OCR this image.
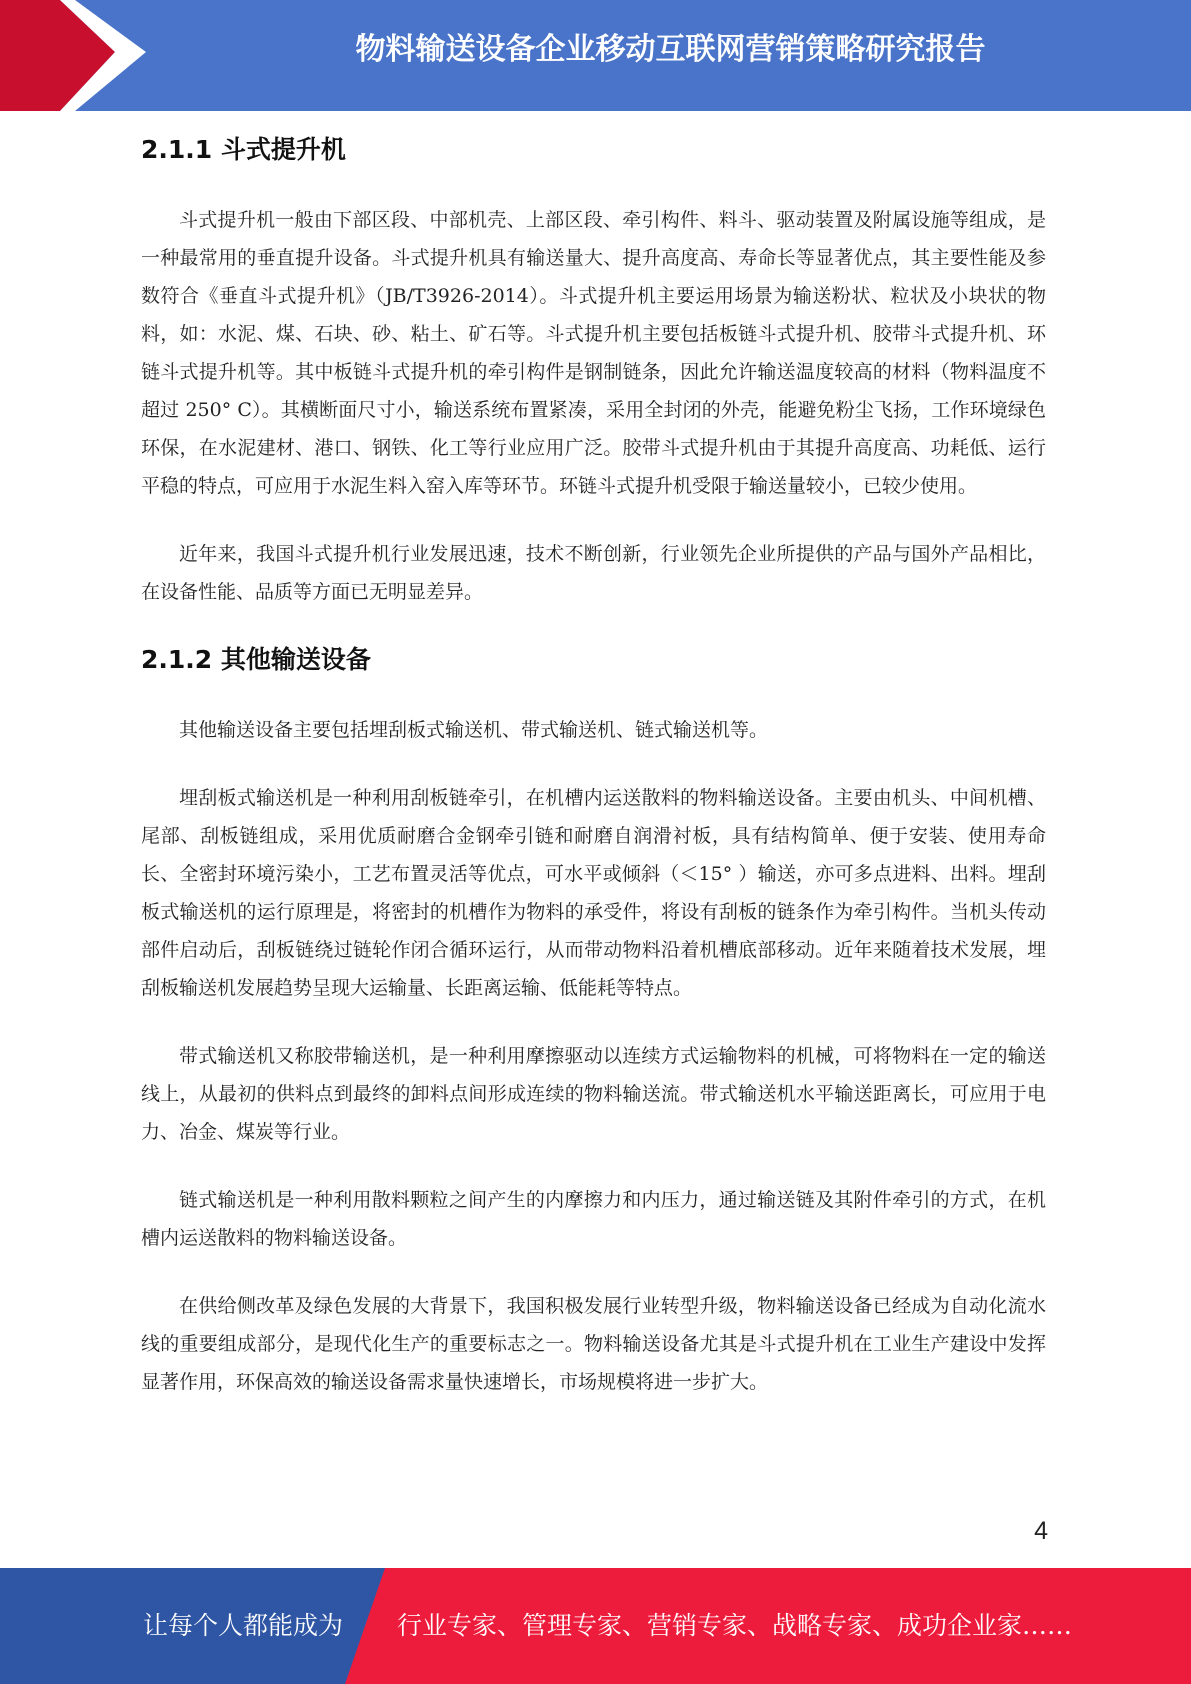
物料输送设备企业移动互联网营销策略研究报告
2.1.1 斗式提升机

斗式提升机一般由下部区段、中部机壳、上部区段、牵引构件、料斗、驱动装置及附属设施等组成，是一种最常用的垂直提升设备。斗式提升机具有输送量大、提升高度高、寿命长等显著优点，其主要性能及参数符合《垂直斗式提升机》（JB/T3926-2014）。斗式提升机主要运用场景为输送粉状、粒状及小块状的物料，如：水泥、煤、石块、砂、粘土、矿石等。斗式提升机主要包括板链斗式提升机、胶带斗式提升机、环链斗式提升机等。其中板链斗式提升机的牵引构件是钢制链条，因此允许输送温度较高的材料（物料温度不超过 250° C）。其横断面尺寸小，输送系统布置紧凑，采用全封闭的外壳，能避免粉尘飞扬，工作环境绿色环保，在水泥建材、港口、钢铁、化工等行业应用广泛。胶带斗式提升机由于其提升高度高、功耗低、运行平稳的特点，可应用于水泥生料入窑入库等环节。环链斗式提升机受限于输送量较小，已较少使用。

近年来，我国斗式提升机行业发展迅速，技术不断创新，行业领先企业所提供的产品与国外产品相比，在设备性能、品质等方面已无明显差异。

2.1.2 其他输送设备

其他输送设备主要包括埋刮板式输送机、带式输送机、链式输送机等。

埋刮板式输送机是一种利用刮板链牵引，在机槽内运送散料的物料输送设备。主要由机头、中间机槽、尾部、刮板链组成，采用优质耐磨合金钢牵引链和耐磨自润滑衬板，具有结构简单、便于安装、使用寿命长、全密封环境污染小，工艺布置灵活等优点，可水平或倾斜（＜15° ）输送，亦可多点进料、出料。埋刮板式输送机的运行原理是，将密封的机槽作为物料的承受件，将设有刮板的链条作为牵引构件。当机头传动部件启动后，刮板链绕过链轮作闭合循环运行，从而带动物料沿着机槽底部移动。近年来随着技术发展，埋刮板输送机发展趋势呈现大运输量、长距离运输、低能耗等特点。

带式输送机又称胶带输送机，是一种利用摩擦驱动以连续方式运输物料的机械，可将物料在一定的输送线上，从最初的供料点到最终的卸料点间形成连续的物料输送流。带式输送机水平输送距离长，可应用于电力、冶金、煤炭等行业。

链式输送机是一种利用散料颗粒之间产生的内摩擦力和内压力，通过输送链及其附件牵引的方式，在机槽内运送散料的物料输送设备。

在供给侧改革及绿色发展的大背景下，我国积极发展行业转型升级，物料输送设备已经成为自动化流水线的重要组成部分，是现代化生产的重要标志之一。物料输送设备尤其是斗式提升机在工业生产建设中发挥显著作用，环保高效的输送设备需求量快速增长，市场规模将进一步扩大。

4
让每个人都能成为 行业专家、管理专家、营销专家、战略专家、成功企业家……
